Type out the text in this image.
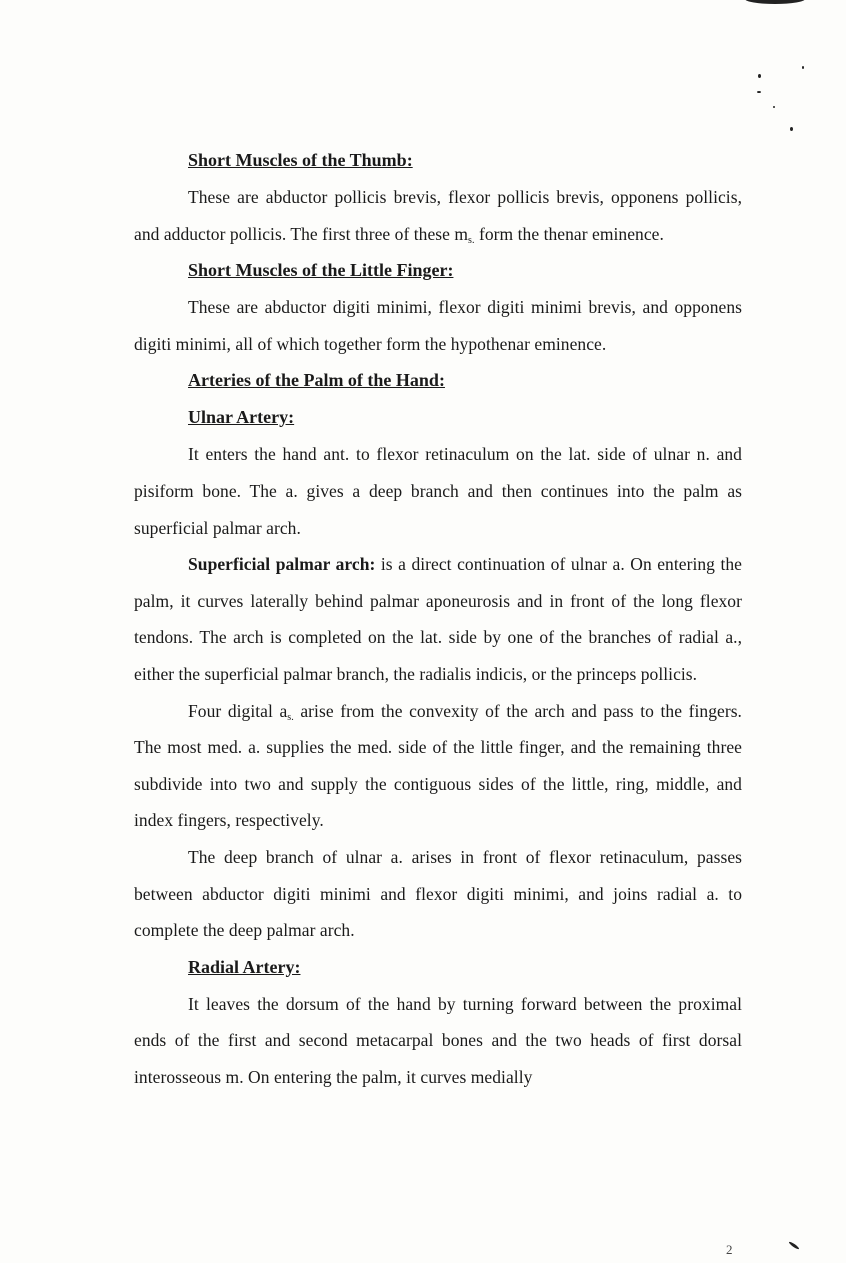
Short Muscles of the Thumb:

These are abductor pollicis brevis, flexor pollicis brevis, opponens pollicis, and adductor pollicis. The first three of these $m_{s.}$ form the thenar eminence.

Short Muscles of the Little Finger:

These are abductor digiti minimi, flexor digiti minimi brevis, and opponens digiti minimi, all of which together form the hypothenar eminence.

Arteries of the Palm of the Hand:
Ulnar Artery:

It enters the hand ant. to flexor retinaculum on the lat. side of ulnar n. and pisiform bone. The a. gives a deep branch and then continues into the palm as superficial palmar arch.

Superficial palmar arch: is a direct continuation of ulnar a. On entering the palm, it curves laterally behind palmar aponeurosis and in front of the long flexor tendons. The arch is completed on the lat. side by one of the branches of radial a., either the superficial palmar branch, the radialis indicis, or the princeps pollicis.

Four digital $a_{s.}$ arise from the convexity of the arch and pass to the fingers. The most med. a. supplies the med. side of the little finger, and the remaining three subdivide into two and supply the contiguous sides of the little, ring, middle, and index fingers, respectively.

The deep branch of ulnar a. arises in front of flexor retinaculum, passes between abductor digiti minimi and flexor digiti minimi, and joins radial a. to complete the deep palmar arch.

Radial Artery:

It leaves the dorsum of the hand by turning forward between the proximal ends of the first and second metacarpal bones and the two heads of first dorsal interosseous m. On entering the palm, it curves medially

2
